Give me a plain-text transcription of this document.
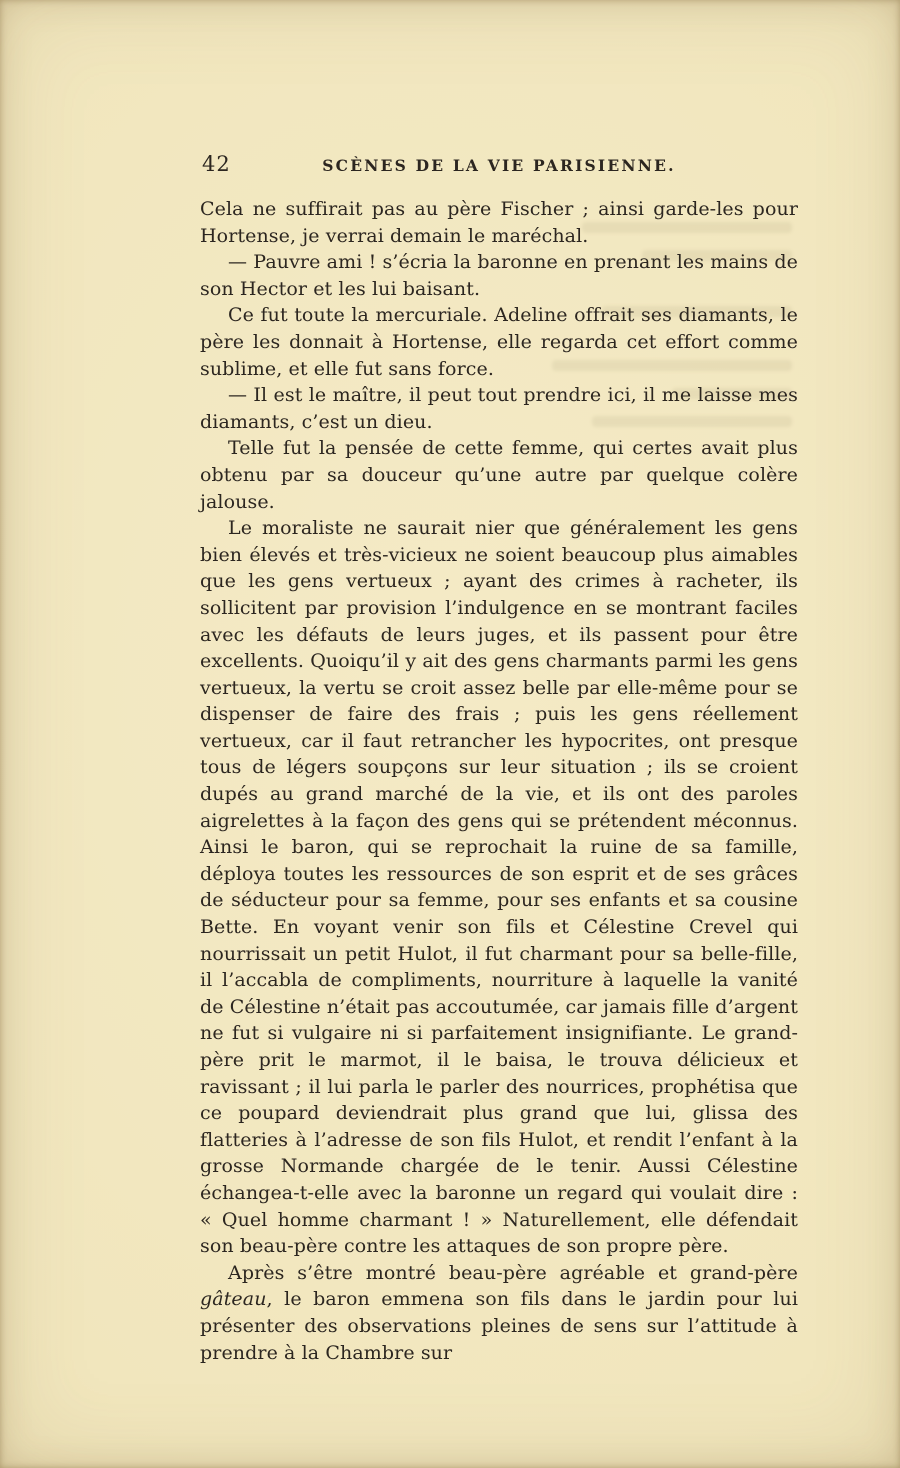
42	SCÈNES DE LA VIE PARISIENNE.

Cela ne suffirait pas au père Fischer ; ainsi garde-les pour Hortense, je verrai demain le maréchal.

— Pauvre ami ! s’écria la baronne en prenant les mains de son Hector et les lui baisant.

Ce fut toute la mercuriale. Adeline offrait ses diamants, le père les donnait à Hortense, elle regarda cet effort comme sublime, et elle fut sans force.

— Il est le maître, il peut tout prendre ici, il me laisse mes diamants, c’est un dieu.

Telle fut la pensée de cette femme, qui certes avait plus obtenu par sa douceur qu’une autre par quelque colère jalouse.

Le moraliste ne saurait nier que généralement les gens bien élevés et très-vicieux ne soient beaucoup plus aimables que les gens vertueux ; ayant des crimes à racheter, ils sollicitent par provision l’indulgence en se montrant faciles avec les défauts de leurs juges, et ils passent pour être excellents. Quoiqu’il y ait des gens charmants parmi les gens vertueux, la vertu se croit assez belle par elle-même pour se dispenser de faire des frais ; puis les gens réellement vertueux, car il faut retrancher les hypocrites, ont presque tous de légers soupçons sur leur situation ; ils se croient dupés au grand marché de la vie, et ils ont des paroles aigrelettes à la façon des gens qui se prétendent méconnus. Ainsi le baron, qui se reprochait la ruine de sa famille, déploya toutes les ressources de son esprit et de ses grâces de séducteur pour sa femme, pour ses enfants et sa cousine Bette. En voyant venir son fils et Célestine Crevel qui nourrissait un petit Hulot, il fut charmant pour sa belle-fille, il l’accabla de compliments, nourriture à laquelle la vanité de Célestine n’était pas accoutumée, car jamais fille d’argent ne fut si vulgaire ni si parfaitement insignifiante. Le grand-père prit le marmot, il le baisa, le trouva délicieux et ravissant ; il lui parla le parler des nourrices, prophétisa que ce poupard deviendrait plus grand que lui, glissa des flatteries à l’adresse de son fils Hulot, et rendit l’enfant à la grosse Normande chargée de le tenir. Aussi Célestine échangea-t-elle avec la baronne un regard qui voulait dire : « Quel homme charmant ! » Naturellement, elle défendait son beau-père contre les attaques de son propre père.

Après s’être montré beau-père agréable et grand-père gâteau, le baron emmena son fils dans le jardin pour lui présenter des observations pleines de sens sur l’attitude à prendre à la Chambre sur
